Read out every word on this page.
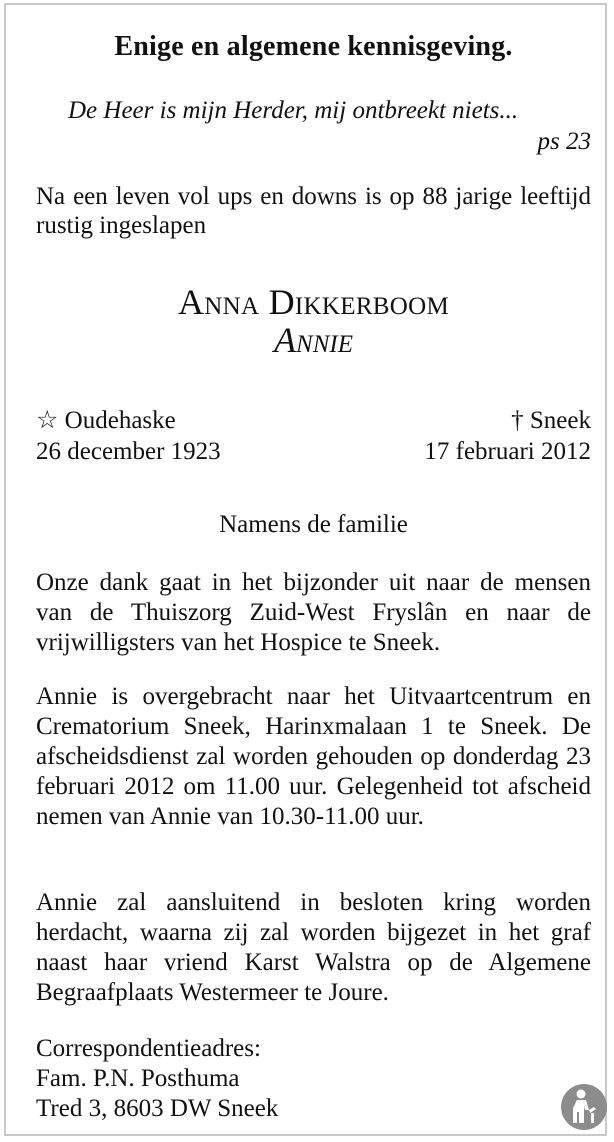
Enige en algemene kennisgeving.
De Heer is mijn Herder, mij ontbreekt niets...
ps 23
Na een leven vol ups en downs is op 88 jarige leeftijd rustig ingeslapen
Anna Dikkerboom
Annie
☆ Oudehaske
26 december 1923
† Sneek
17 februari 2012
Namens de familie

Onze dank gaat in het bijzonder uit naar de mensen van de Thuiszorg Zuid-West Fryslân en naar de vrijwilligsters van het Hospice te Sneek.

Annie is overgebracht naar het Uitvaartcentrum en Crematorium Sneek, Harinxmalaan 1 te Sneek. De afscheidsdienst zal worden gehouden op donderdag 23 februari 2012 om 11.00 uur. Gelegenheid tot afscheid nemen van Annie van 10.30-11.00 uur.

Annie zal aansluitend in besloten kring worden herdacht, waarna zij zal worden bijgezet in het graf naast haar vriend Karst Walstra op de Algemene Begraafplaats Westermeer te Joure.

Correspondentieadres:
Fam. P.N. Posthuma
Tred 3, 8603 DW Sneek
